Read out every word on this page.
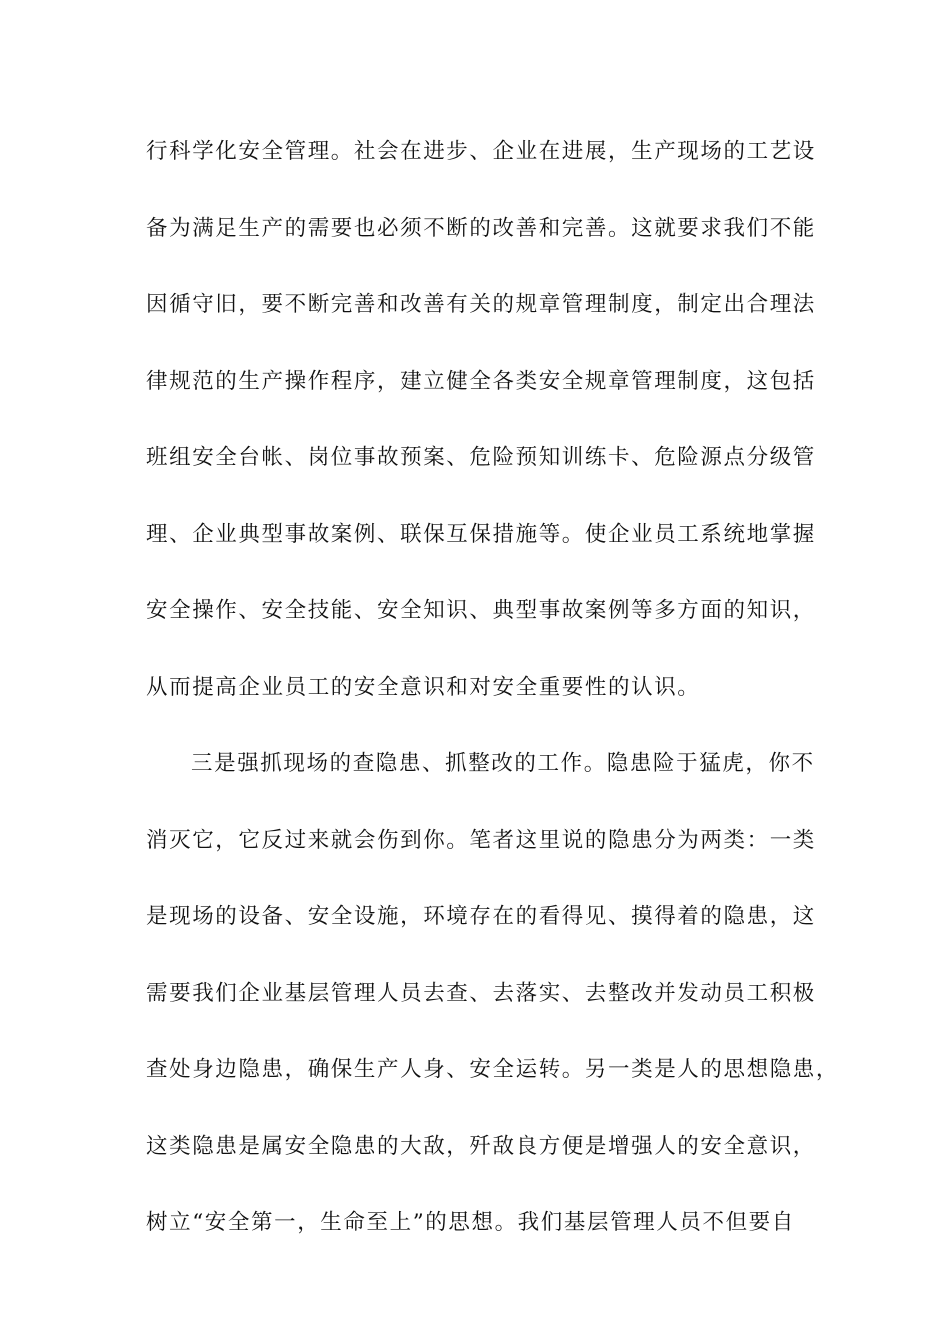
行科学化安全管理。社会在进步、企业在进展，生产现场的工艺设
备为满足生产的需要也必须不断的改善和完善。这就要求我们不能
因循守旧，要不断完善和改善有关的规章管理制度，制定出合理法
律规范的生产操作程序，建立健全各类安全规章管理制度，这包括
班组安全台帐、岗位事故预案、危险预知训练卡、危险源点分级管
理、企业典型事故案例、联保互保措施等。使企业员工系统地掌握
安全操作、安全技能、安全知识、典型事故案例等多方面的知识，
从而提高企业员工的安全意识和对安全重要性的认识。
三是强抓现场的查隐患、抓整改的工作。隐患险于猛虎，你不
消灭它，它反过来就会伤到你。笔者这里说的隐患分为两类：一类
是现场的设备、安全设施，环境存在的看得见、摸得着的隐患，这
需要我们企业基层管理人员去查、去落实、去整改并发动员工积极
查处身边隐患，确保生产人身、安全运转。另一类是人的思想隐患，
这类隐患是属安全隐患的大敌，歼敌良方便是增强人的安全意识，
树立“安全第一，生命至上”的思想。我们基层管理人员不但要自
